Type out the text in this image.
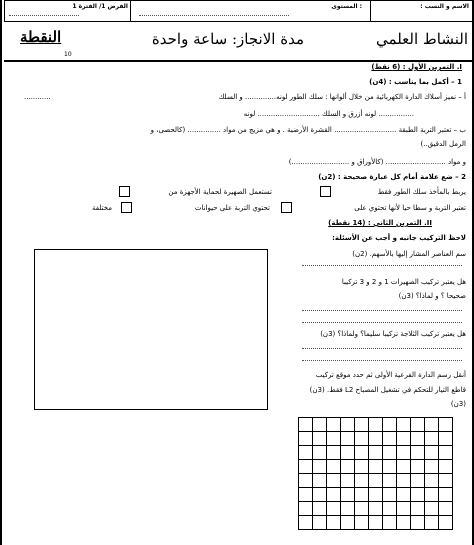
الاسم و النسب :
: المستوى
الفرض 1/ الفترة 1
النشاط العلمي
مدة الانجاز: ساعة واحدة
النقطة
10
I. التمرين الأول : (6 نقط)
1 – أكمل بما يناسب : (4ن)
أ – نميز أسلاك الدارة الكهربائية من خلال ألوانها : سلك الطور لونه.............. و السلك
............
................ لونه أزرق و السلك ............................ لونه
ب – تعتبر التربة الطبقة ............................ القشرة الأرضية . و هي مزيج من مواد ............... (كالحصى، و
الرمل الدقيق..)
و مواد ........................... (كالأوراق و ..........................)
2 – ضع علامة أمام كل عبارة صحيحة : (2ن)
يربط بالمأخذ سلك الطور فقط
تستعمل الصهيرة لحماية الأجهزة من
تعتبر التربة و سطا حيا لأنها تحتوي على
تحتوي التربة على حيوانات
مختلفة
II. التمرين الثاني : (14 نقطة)
لاحظ التركيب جانبه و أجب عن الأسئلة:
سم العناصر المشار إليها بالأسهم. (2ن)
هل يعتبر تركيب الصهيرات 1 و 2 و 3 تركيبا
صحيحا ؟ و لماذا؟ (3ن)
هل يعتبر تركيب الثلاجة تركيبا سليما؟ ولماذا؟ (3ن)
أنقل رسم الدارة الفرعية الأولى ثم حدد موقع تركيب
قاطع التيار للتحكم في تشغيل المصباح L2 فقط. (3ن)
(3ن)
